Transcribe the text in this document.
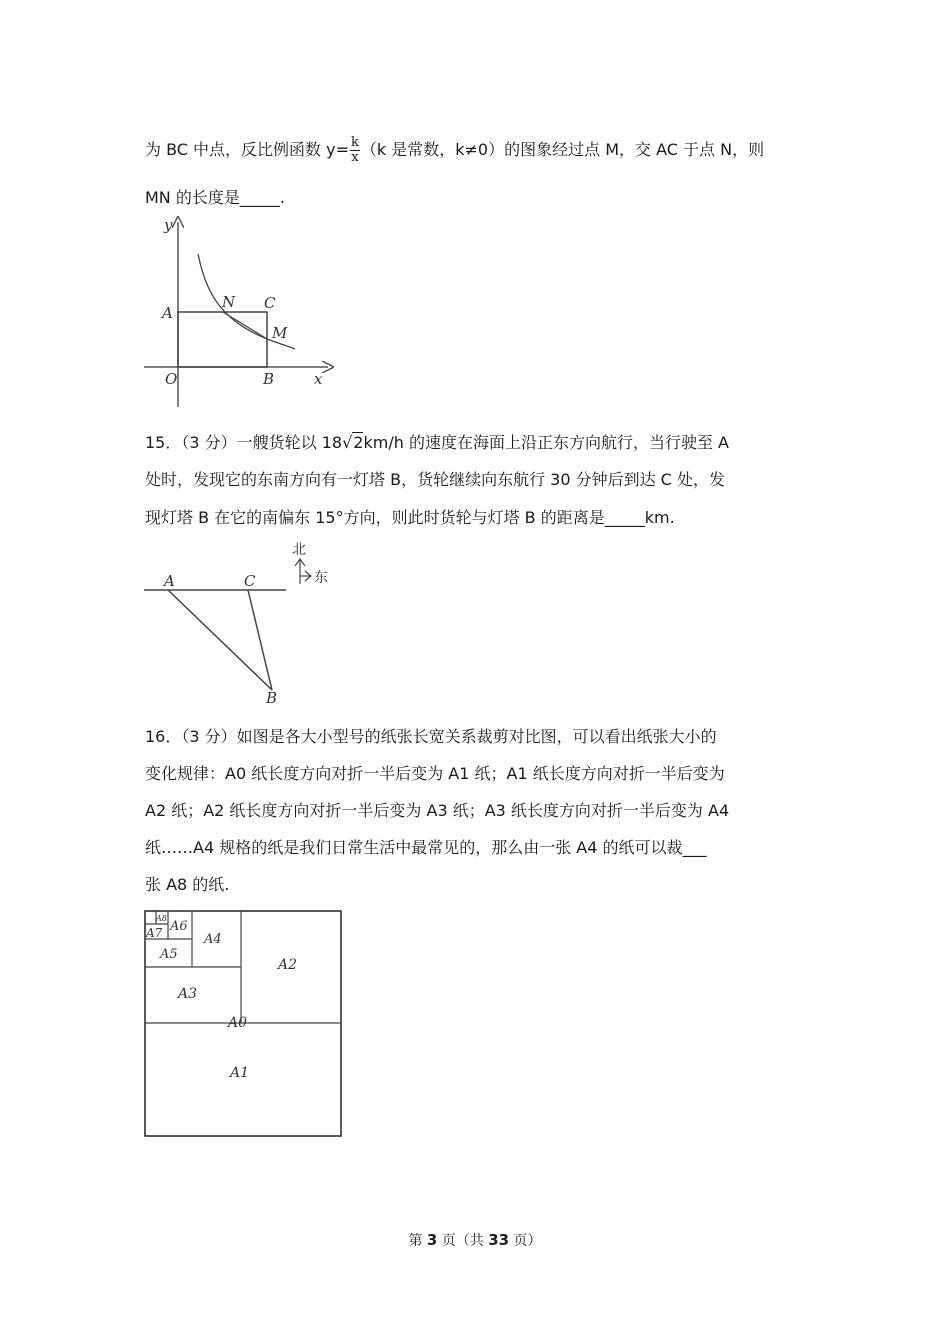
为 BC 中点，反比例函数 $y= \frac{k}{x} (k$ 是常数，k≠0）的图象经过点 M，交 AC 于点 N，则
MN 的长度是_____.
y
x
O
A
B
C
N
M
15．（3 分）一艘货轮以 18√2km/h 的速度在海面上沿正东方向航行，当行驶至 A
处时，发现它的东南方向有一灯塔 B，货轮继续向东航行 30 分钟后到达 C 处，发
现灯塔 B 在它的南偏东 15°方向，则此时货轮与灯塔 B 的距离是_____km.
A	C
B
北
东
16．（3 分）如图是各大小型号的纸张长宽关系裁剪对比图，可以看出纸张大小的
变化规律：A0 纸长度方向对折一半后变为 A1 纸；A1 纸长度方向对折一半后变为
A2 纸；A2 纸长度方向对折一半后变为 A3 纸；A3 纸长度方向对折一半后变为 A4
纸……A4 规格的纸是我们日常生活中最常见的，那么由一张 A4 的纸可以裁___
张 A8 的纸.
A1
A0
A2
A3
A4
A5
A6
A7
A8
第 3 页（共 33 页）
